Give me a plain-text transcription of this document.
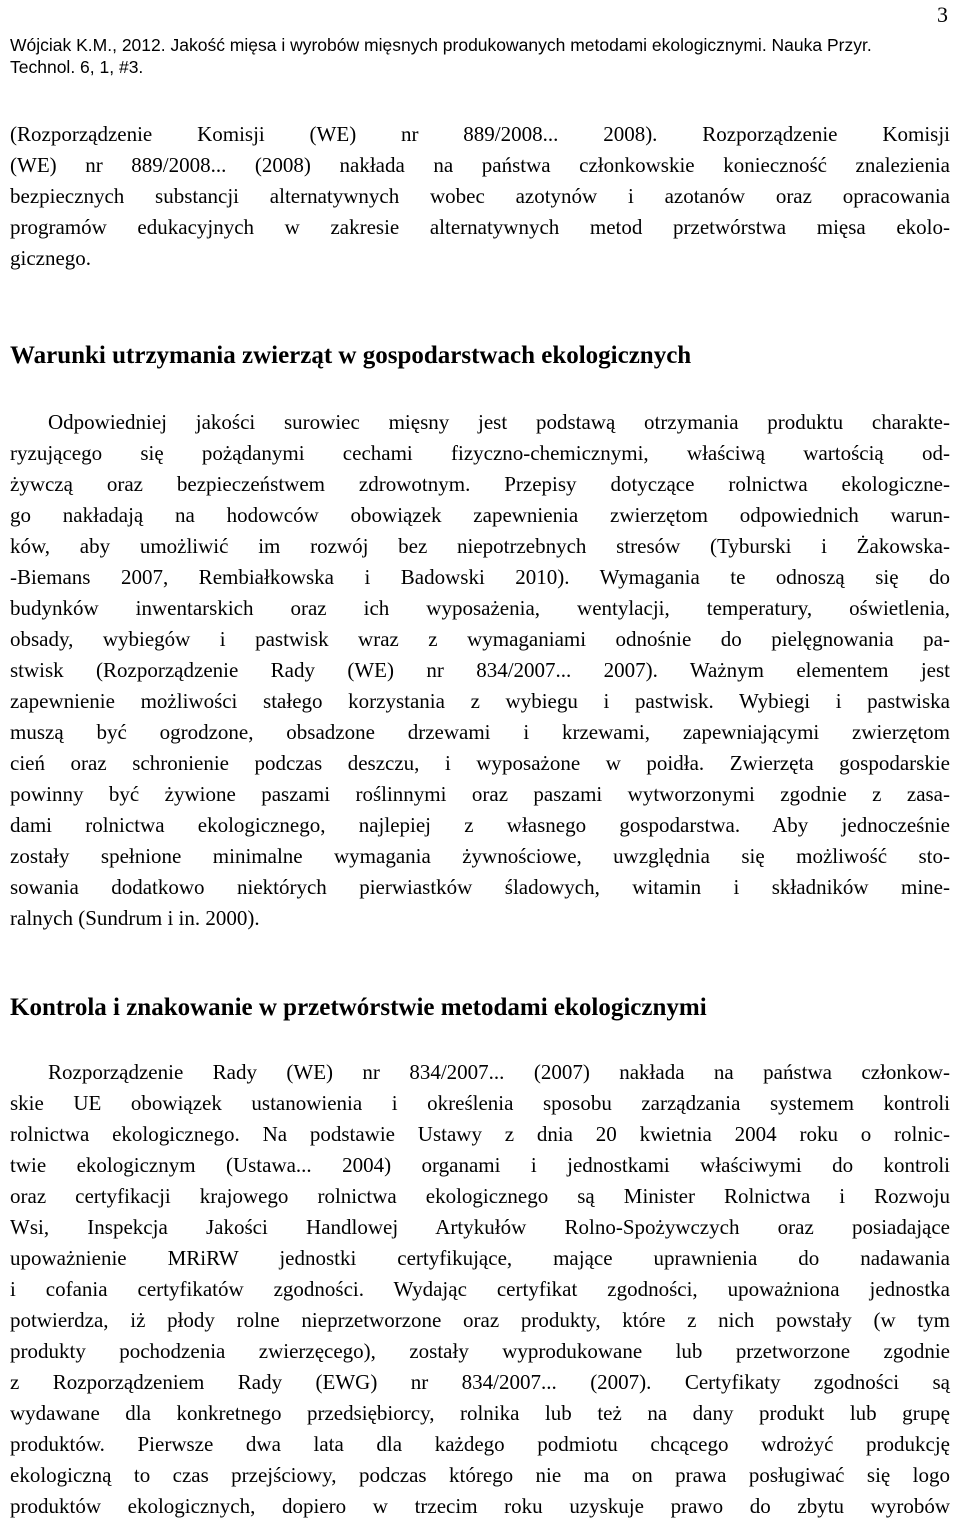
3
Wójciak K.M., 2012. Jakość mięsa i wyrobów mięsnych produkowanych metodami ekologicznymi. Nauka Przyr.
Technol. 6, 1, #3.
(Rozporządzenie Komisji (WE) nr 889/2008... 2008). Rozporządzenie Komisji
(WE) nr 889/2008... (2008) nakłada na państwa członkowskie konieczność znalezienia
bezpiecznych substancji alternatywnych wobec azotynów i azotanów oraz opracowania
programów edukacyjnych w zakresie alternatywnych metod przetwórstwa mięsa ekolo-
gicznego.
Warunki utrzymania zwierząt w gospodarstwach ekologicznych
Odpowiedniej jakości surowiec mięsny jest podstawą otrzymania produktu charakte-
ryzującego się pożądanymi cechami fizyczno-chemicznymi, właściwą wartością od-
żywczą oraz bezpieczeństwem zdrowotnym. Przepisy dotyczące rolnictwa ekologiczne-
go nakładają na hodowców obowiązek zapewnienia zwierzętom odpowiednich warun-
ków, aby umożliwić im rozwój bez niepotrzebnych stresów (Tyburski i Żakowska-
-Biemans 2007, Rembiałkowska i Badowski 2010). Wymagania te odnoszą się do
budynków inwentarskich oraz ich wyposażenia, wentylacji, temperatury, oświetlenia,
obsady, wybiegów i pastwisk wraz z wymaganiami odnośnie do pielęgnowania pa-
stwisk (Rozporządzenie Rady (WE) nr 834/2007... 2007). Ważnym elementem jest
zapewnienie możliwości stałego korzystania z wybiegu i pastwisk. Wybiegi i pastwiska
muszą być ogrodzone, obsadzone drzewami i krzewami, zapewniającymi zwierzętom
cień oraz schronienie podczas deszczu, i wyposażone w poidła. Zwierzęta gospodarskie
powinny być żywione paszami roślinnymi oraz paszami wytworzonymi zgodnie z zasa-
dami rolnictwa ekologicznego, najlepiej z własnego gospodarstwa. Aby jednocześnie
zostały spełnione minimalne wymagania żywnościowe, uwzględnia się możliwość sto-
sowania dodatkowo niektórych pierwiastków śladowych, witamin i składników mine-
ralnych (Sundrum i in. 2000).
Kontrola i znakowanie w przetwórstwie metodami ekologicznymi
Rozporządzenie Rady (WE) nr 834/2007... (2007) nakłada na państwa członkow-
skie UE obowiązek ustanowienia i określenia sposobu zarządzania systemem kontroli
rolnictwa ekologicznego. Na podstawie Ustawy z dnia 20 kwietnia 2004 roku o rolnic-
twie ekologicznym (Ustawa... 2004) organami i jednostkami właściwymi do kontroli
oraz certyfikacji krajowego rolnictwa ekologicznego są Minister Rolnictwa i Rozwoju
Wsi, Inspekcja Jakości Handlowej Artykułów Rolno-Spożywczych oraz posiadające
upoważnienie MRiRW jednostki certyfikujące, mające uprawnienia do nadawania
i cofania certyfikatów zgodności. Wydając certyfikat zgodności, upoważniona jednostka
potwierdza, iż płody rolne nieprzetworzone oraz produkty, które z nich powstały (w tym
produkty pochodzenia zwierzęcego), zostały wyprodukowane lub przetworzone zgodnie
z Rozporządzeniem Rady (EWG) nr 834/2007... (2007). Certyfikaty zgodności są
wydawane dla konkretnego przedsiębiorcy, rolnika lub też na dany produkt lub grupę
produktów. Pierwsze dwa lata dla każdego podmiotu chcącego wdrożyć produkcję
ekologiczną to czas przejściowy, podczas którego nie ma on prawa posługiwać się logo
produktów ekologicznych, dopiero w trzecim roku uzyskuje prawo do zbytu wyrobów
